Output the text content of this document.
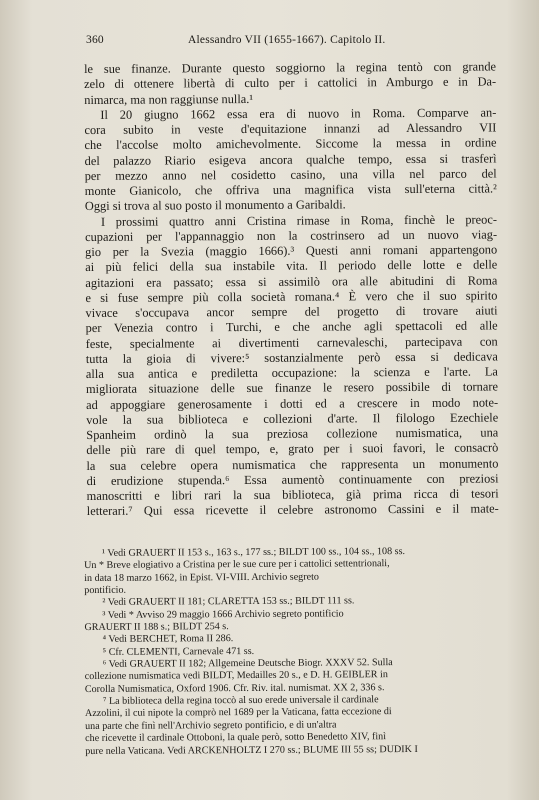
360	Alessandro VII (1655-1667). Capitolo II.
le sue finanze. Durante questo soggiorno la regina tentò con grande
zelo di ottenere libertà di culto per i cattolici in Amburgo e in Da-
nimarca, ma non raggiunse nulla.¹
Il 20 giugno 1662 essa era di nuovo in Roma. Comparve an-
cora subito in veste d'equitazione innanzi ad Alessandro VII
che l'accolse molto amichevolmente. Siccome la messa in ordine
del palazzo Riario esigeva ancora qualche tempo, essa si trasferì
per mezzo anno nel cosidetto casino, una villa nel parco del
monte Gianicolo, che offriva una magnifica vista sull'eterna città.²
Oggi si trova al suo posto il monumento a Garibaldi.
I prossimi quattro anni Cristina rimase in Roma, finchè le preoc-
cupazioni per l'appannaggio non la costrinsero ad un nuovo viag-
gio per la Svezia (maggio 1666).³ Questi anni romani appartengono
ai più felici della sua instabile vita. Il periodo delle lotte e delle
agitazioni era passato; essa si assimilò ora alle abitudini di Roma
e si fuse sempre più colla società romana.⁴ È vero che il suo spirito
vivace s'occupava ancor sempre del progetto di trovare aiuti
per Venezia contro i Turchi, e che anche agli spettacoli ed alle
feste, specialmente ai divertimenti carnevaleschi, partecipava con
tutta la gioia di vivere:⁵ sostanzialmente però essa si dedicava
alla sua antica e prediletta occupazione: la scienza e l'arte. La
migliorata situazione delle sue finanze le resero possibile di tornare
ad appoggiare generosamente i dotti ed a crescere in modo note-
vole la sua biblioteca e collezioni d'arte. Il filologo Ezechiele
Spanheim ordinò la sua preziosa collezione numismatica, una
delle più rare di quel tempo, e, grato per i suoi favori, le consacrò
la sua celebre opera numismatica che rappresenta un monumento
di erudizione stupenda.⁶ Essa aumentò continuamente con preziosi
manoscritti e libri rari la sua biblioteca, già prima ricca di tesori
letterari.⁷ Qui essa ricevette il celebre astronomo Cassini e il mate-
¹ Vedi GRAUERT II 153 s., 163 s., 177 ss.; BILDT 100 ss., 104 ss., 108 ss.
Un * Breve elogiativo a Cristina per le sue cure per i cattolici settentrionali,
in data 18 marzo 1662, in Epist. VI-VIII. Archivio segreto
pontificio.
² Vedi GRAUERT II 181; CLARETTA 153 ss.; BILDT 111 ss.
³ Vedi * Avviso 29 maggio 1666 Archivio segreto pontificio
GRAUERT II 188 s.; BILDT 254 s.
⁴ Vedi BERCHET, Roma II 286.
⁵ Cfr. CLEMENTI, Carnevale 471 ss.
⁶ Vedi GRAUERT II 182; Allgemeine Deutsche Biogr. XXXV 52. Sulla
collezione numismatica vedi BILDT, Medailles 20 s., e D. H. GEIBLER in
Corolla Numismatica, Oxford 1906. Cfr. Riv. ital. numismat. XX 2, 336 s.
⁷ La biblioteca della regina toccò al suo erede universale il cardinale
Azzolini, il cui nipote la comprò nel 1689 per la Vaticana, fatta eccezione di
una parte che finì nell'Archivio segreto pontificio, e di un'altra
che ricevette il cardinale Ottoboni, la quale però, sotto Benedetto XIV, finì
pure nella Vaticana. Vedi ARCKENHOLTZ I 270 ss.; BLUME III 55 ss; DUDIK I
